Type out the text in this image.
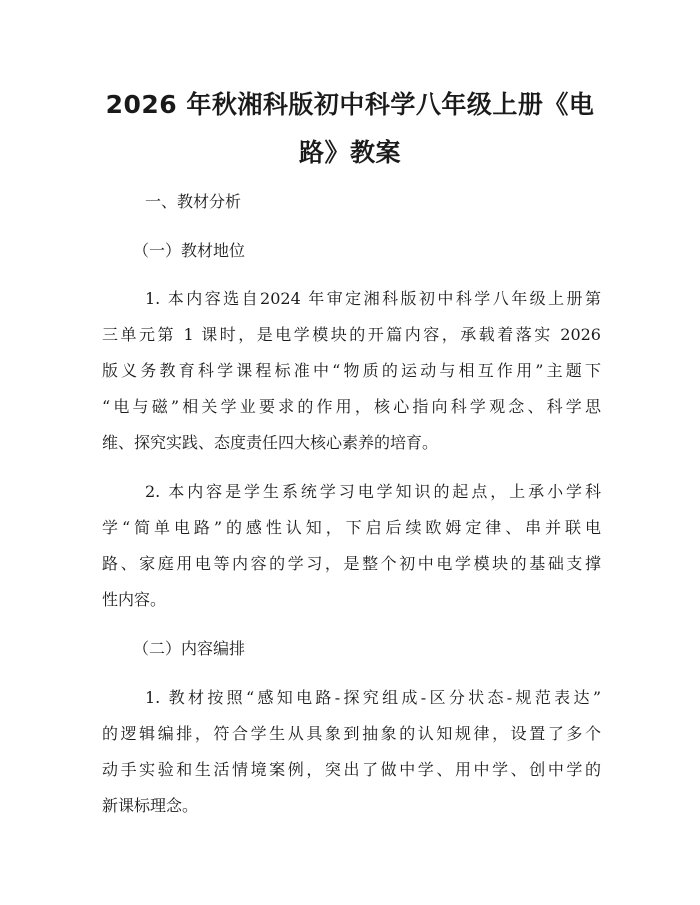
2026 年秋湘科版初中科学八年级上册《电
路》教案
一、教材分析
（一）教材地位
1. 本内容选自2024 年审定湘科版初中科学八年级上册第
三单元第 1 课时，是电学模块的开篇内容，承载着落实 2026
版义务教育科学课程标准中“物质的运动与相互作用”主题下
“电与磁”相关学业要求的作用，核心指向科学观念、科学思
维、探究实践、态度责任四大核心素养的培育。
2. 本内容是学生系统学习电学知识的起点，上承小学科
学“简单电路”的感性认知，下启后续欧姆定律、串并联电
路、家庭用电等内容的学习，是整个初中电学模块的基础支撑
性内容。
（二）内容编排
1. 教材按照“感知电路-探究组成-区分状态-规范表达”
的逻辑编排，符合学生从具象到抽象的认知规律，设置了多个
动手实验和生活情境案例，突出了做中学、用中学、创中学的
新课标理念。
